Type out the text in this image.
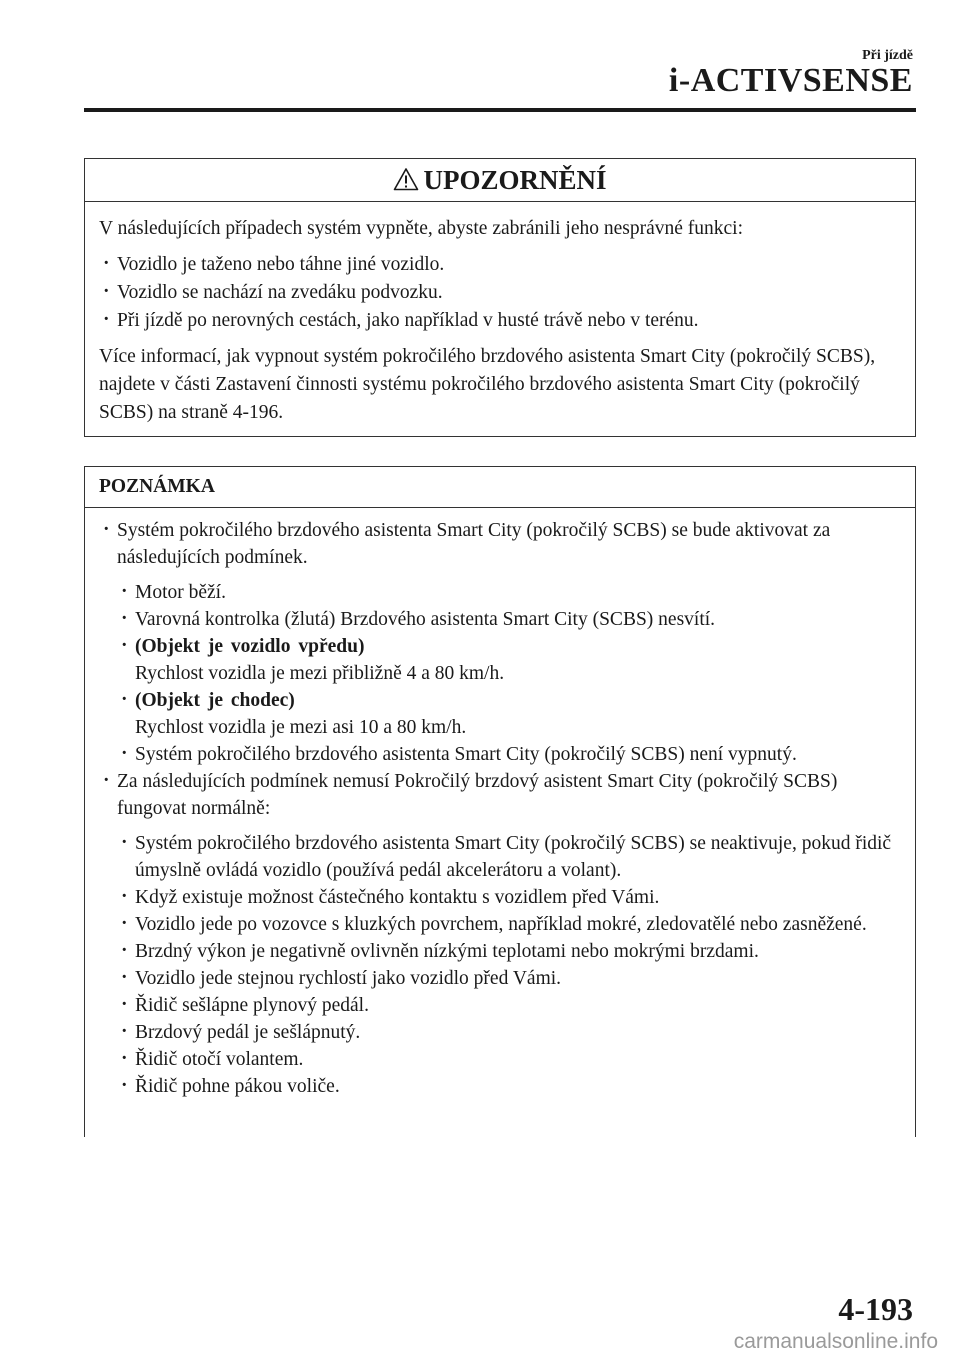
Při jízdě
i-ACTIVSENSE
UPOZORNĚNÍ

V následujících případech systém vypněte, abyste zabránili jeho nesprávné funkci:

· Vozidlo je taženo nebo táhne jiné vozidlo.
· Vozidlo se nachází na zvedáku podvozku.
· Při jízdě po nerovných cestách, jako například v husté trávě nebo v terénu.

Více informací, jak vypnout systém pokročilého brzdového asistenta Smart City (pokročilý SCBS), najdete v části Zastavení činnosti systému pokročilého brzdového asistenta Smart City (pokročilý SCBS) na straně 4-196.

POZNÁMKA
· Systém pokročilého brzdového asistenta Smart City (pokročilý SCBS) se bude aktivovat za následujících podmínek.
· Motor běží.
· Varovná kontrolka (žlutá) Brzdového asistenta Smart City (SCBS) nesvítí.
· (Objekt je vozidlo vpředu)
Rychlost vozidla je mezi přibližně 4 a 80 km/h.
· (Objekt je chodec)
Rychlost vozidla je mezi asi 10 a 80 km/h.
· Systém pokročilého brzdového asistenta Smart City (pokročilý SCBS) není vypnutý.
· Za následujících podmínek nemusí Pokročilý brzdový asistent Smart City (pokročilý SCBS) fungovat normálně:
· Systém pokročilého brzdového asistenta Smart City (pokročilý SCBS) se neaktivuje, pokud řidič úmyslně ovládá vozidlo (používá pedál akcelerátoru a volant).
· Když existuje možnost částečného kontaktu s vozidlem před Vámi.
· Vozidlo jede po vozovce s kluzkých povrchem, například mokré, zledovatělé nebo zasněžené.
· Brzdný výkon je negativně ovlivněn nízkými teplotami nebo mokrými brzdami.
· Vozidlo jede stejnou rychlostí jako vozidlo před Vámi.
· Řidič sešlápne plynový pedál.
· Brzdový pedál je sešlápnutý.
· Řidič otočí volantem.
· Řidič pohne pákou voliče.
4-193
carmanualsonline.info
